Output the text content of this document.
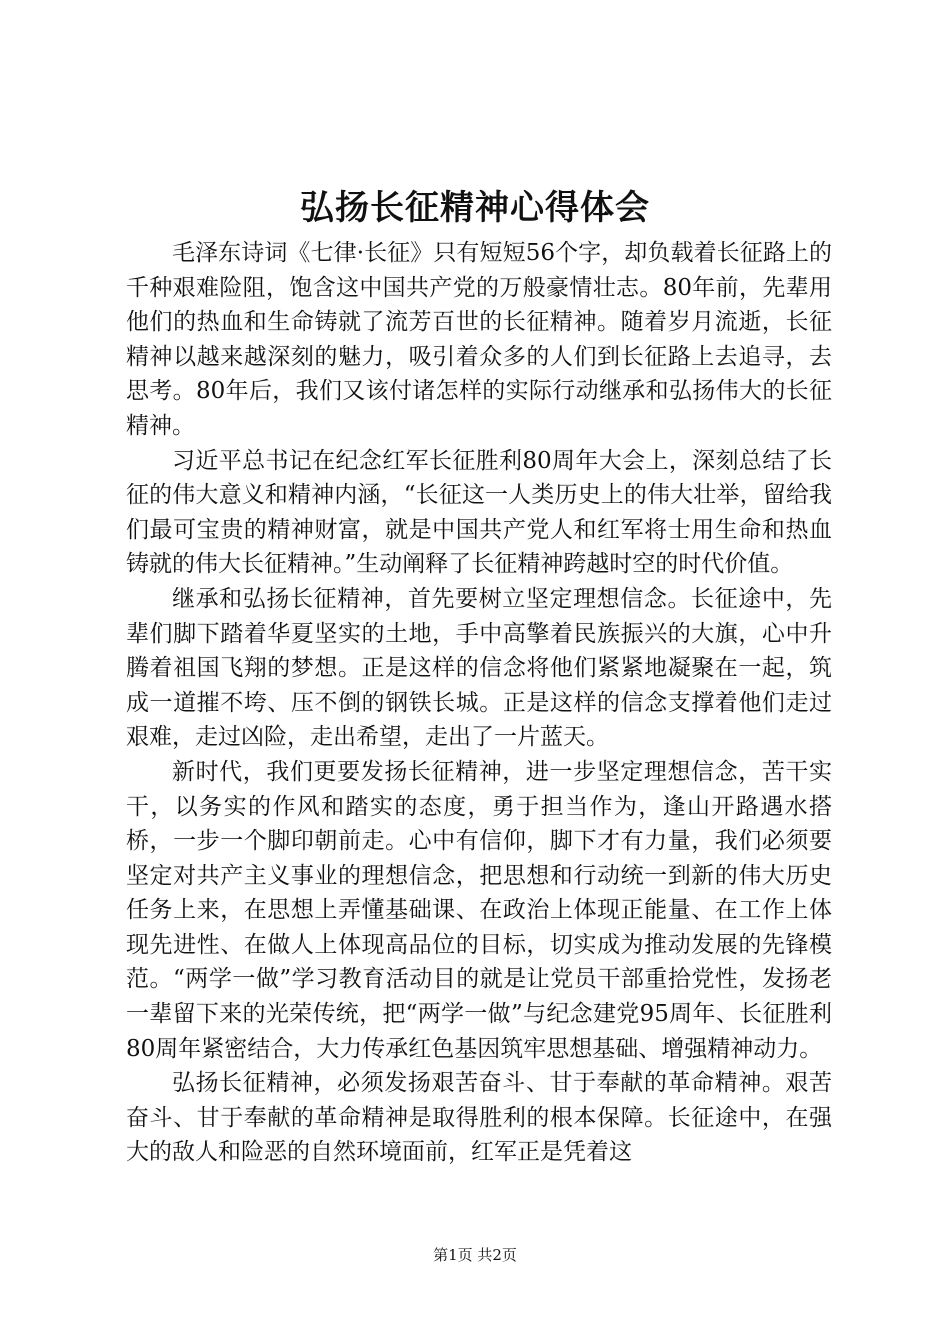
弘扬长征精神心得体会

毛泽东诗词《七律·长征》只有短短56个字，却负载着长征路上的千种艰难险阻，饱含这中国共产党的万般豪情壮志。80年前，先辈用他们的热血和生命铸就了流芳百世的长征精神。随着岁月流逝，长征精神以越来越深刻的魅力，吸引着众多的人们到长征路上去追寻，去思考。80年后，我们又该付诸怎样的实际行动继承和弘扬伟大的长征精神。

习近平总书记在纪念红军长征胜利80周年大会上，深刻总结了长征的伟大意义和精神内涵，“长征这一人类历史上的伟大壮举，留给我们最可宝贵的精神财富，就是中国共产党人和红军将士用生命和热血铸就的伟大长征精神。”生动阐释了长征精神跨越时空的时代价值。

继承和弘扬长征精神，首先要树立坚定理想信念。长征途中，先辈们脚下踏着华夏坚实的土地，手中高擎着民族振兴的大旗，心中升腾着祖国飞翔的梦想。正是这样的信念将他们紧紧地凝聚在一起，筑成一道摧不垮、压不倒的钢铁长城。正是这样的信念支撑着他们走过艰难，走过凶险，走出希望，走出了一片蓝天。

新时代，我们更要发扬长征精神，进一步坚定理想信念，苦干实干，以务实的作风和踏实的态度，勇于担当作为，逢山开路遇水搭桥，一步一个脚印朝前走。心中有信仰，脚下才有力量，我们必须要坚定对共产主义事业的理想信念，把思想和行动统一到新的伟大历史任务上来，在思想上弄懂基础课、在政治上体现正能量、在工作上体现先进性、在做人上体现高品位的目标，切实成为推动发展的先锋模范。“两学一做”学习教育活动目的就是让党员干部重拾党性，发扬老一辈留下来的光荣传统，把“两学一做”与纪念建党95周年、长征胜利80周年紧密结合，大力传承红色基因筑牢思想基础、增强精神动力。

弘扬长征精神，必须发扬艰苦奋斗、甘于奉献的革命精神。艰苦奋斗、甘于奉献的革命精神是取得胜利的根本保障。长征途中，在强大的敌人和险恶的自然环境面前，红军正是凭着这

第1页 共2页
